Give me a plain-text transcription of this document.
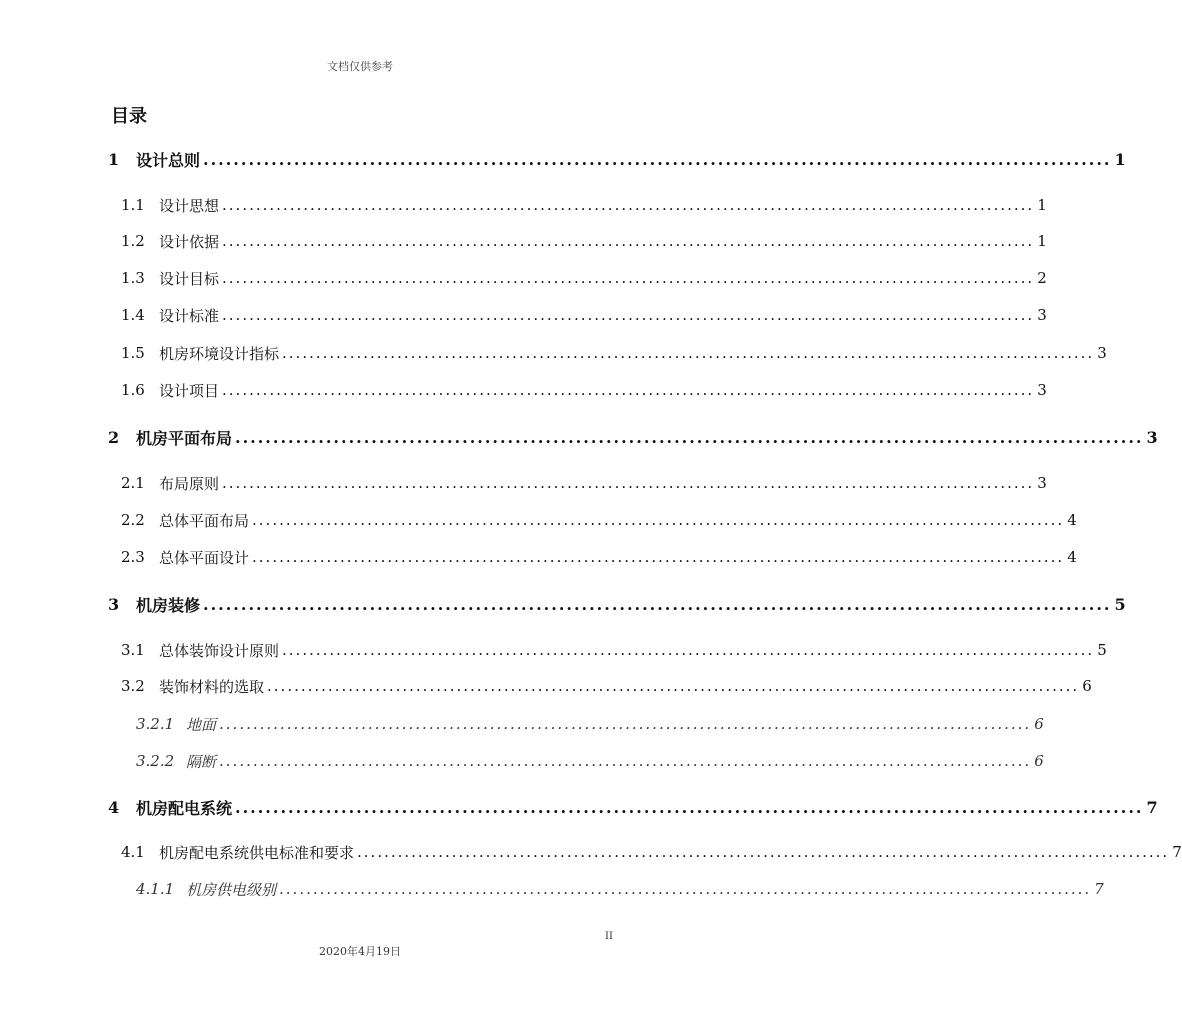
文档仅供参考
目录
1	设计总则 ........................................................................................................................ 1
1.1 设计思想 ........................................................................................................................ 1
1.2 设计依据 ........................................................................................................................ 1
1.3 设计目标 ........................................................................................................................ 2
1.4 设计标准 ........................................................................................................................ 3
1.5 机房环境设计指标 ........................................................................................................................ 3
1.6 设计项目 ........................................................................................................................ 3
2	机房平面布局 ........................................................................................................................ 3
2.1 布局原则 ........................................................................................................................ 3
2.2 总体平面布局 ........................................................................................................................ 4
2.3 总体平面设计 ........................................................................................................................ 4
3	机房装修 ........................................................................................................................ 5
3.1 总体装饰设计原则 ........................................................................................................................ 5
3.2 装饰材料的选取 ........................................................................................................................ 6
3.2.1 地面 ........................................................................................................................ 6
3.2.2 隔断 ........................................................................................................................ 6
4	机房配电系统 ........................................................................................................................ 7
4.1 机房配电系统供电标准和要求 ........................................................................................................................ 7
4.1.1 机房供电级别 ........................................................................................................................ 7
II
2020年4月19日
